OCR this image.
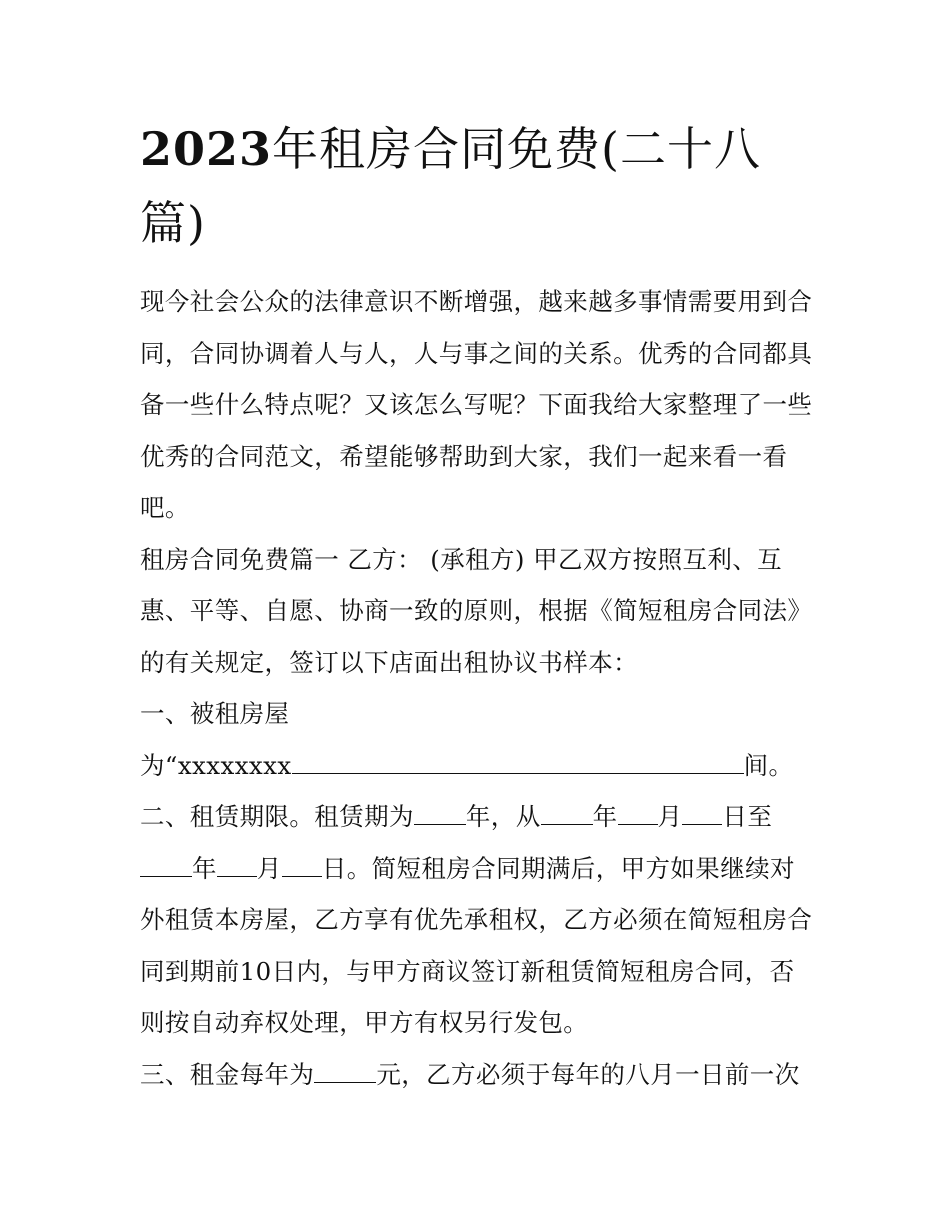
2023年租房合同免费(二十八
篇)
现今社会公众的法律意识不断增强，越来越多事情需要用到合
同，合同协调着人与人，人与事之间的关系。优秀的合同都具
备一些什么特点呢？又该怎么写呢？下面我给大家整理了一些
优秀的合同范文，希望能够帮助到大家，我们一起来看一看
吧。
租房合同免费篇一 乙方： (承租方) 甲乙双方按照互利、互
惠、平等、自愿、协商一致的原则，根据《简短租房合同法》
的有关规定，签订以下店面出租协议书样本：
一、被租房屋
为“xxxxxxxx	间。
二、租赁期限。租赁期为 年，从 年 月 日至
年 月 日。简短租房合同期满后，甲方如果继续对
外租赁本房屋，乙方享有优先承租权，乙方必须在简短租房合
同到期前10日内，与甲方商议签订新租赁简短租房合同，否
则按自动弃权处理，甲方有权另行发包。
三、租金每年为	元，乙方必须于每年的八月一日前一次
